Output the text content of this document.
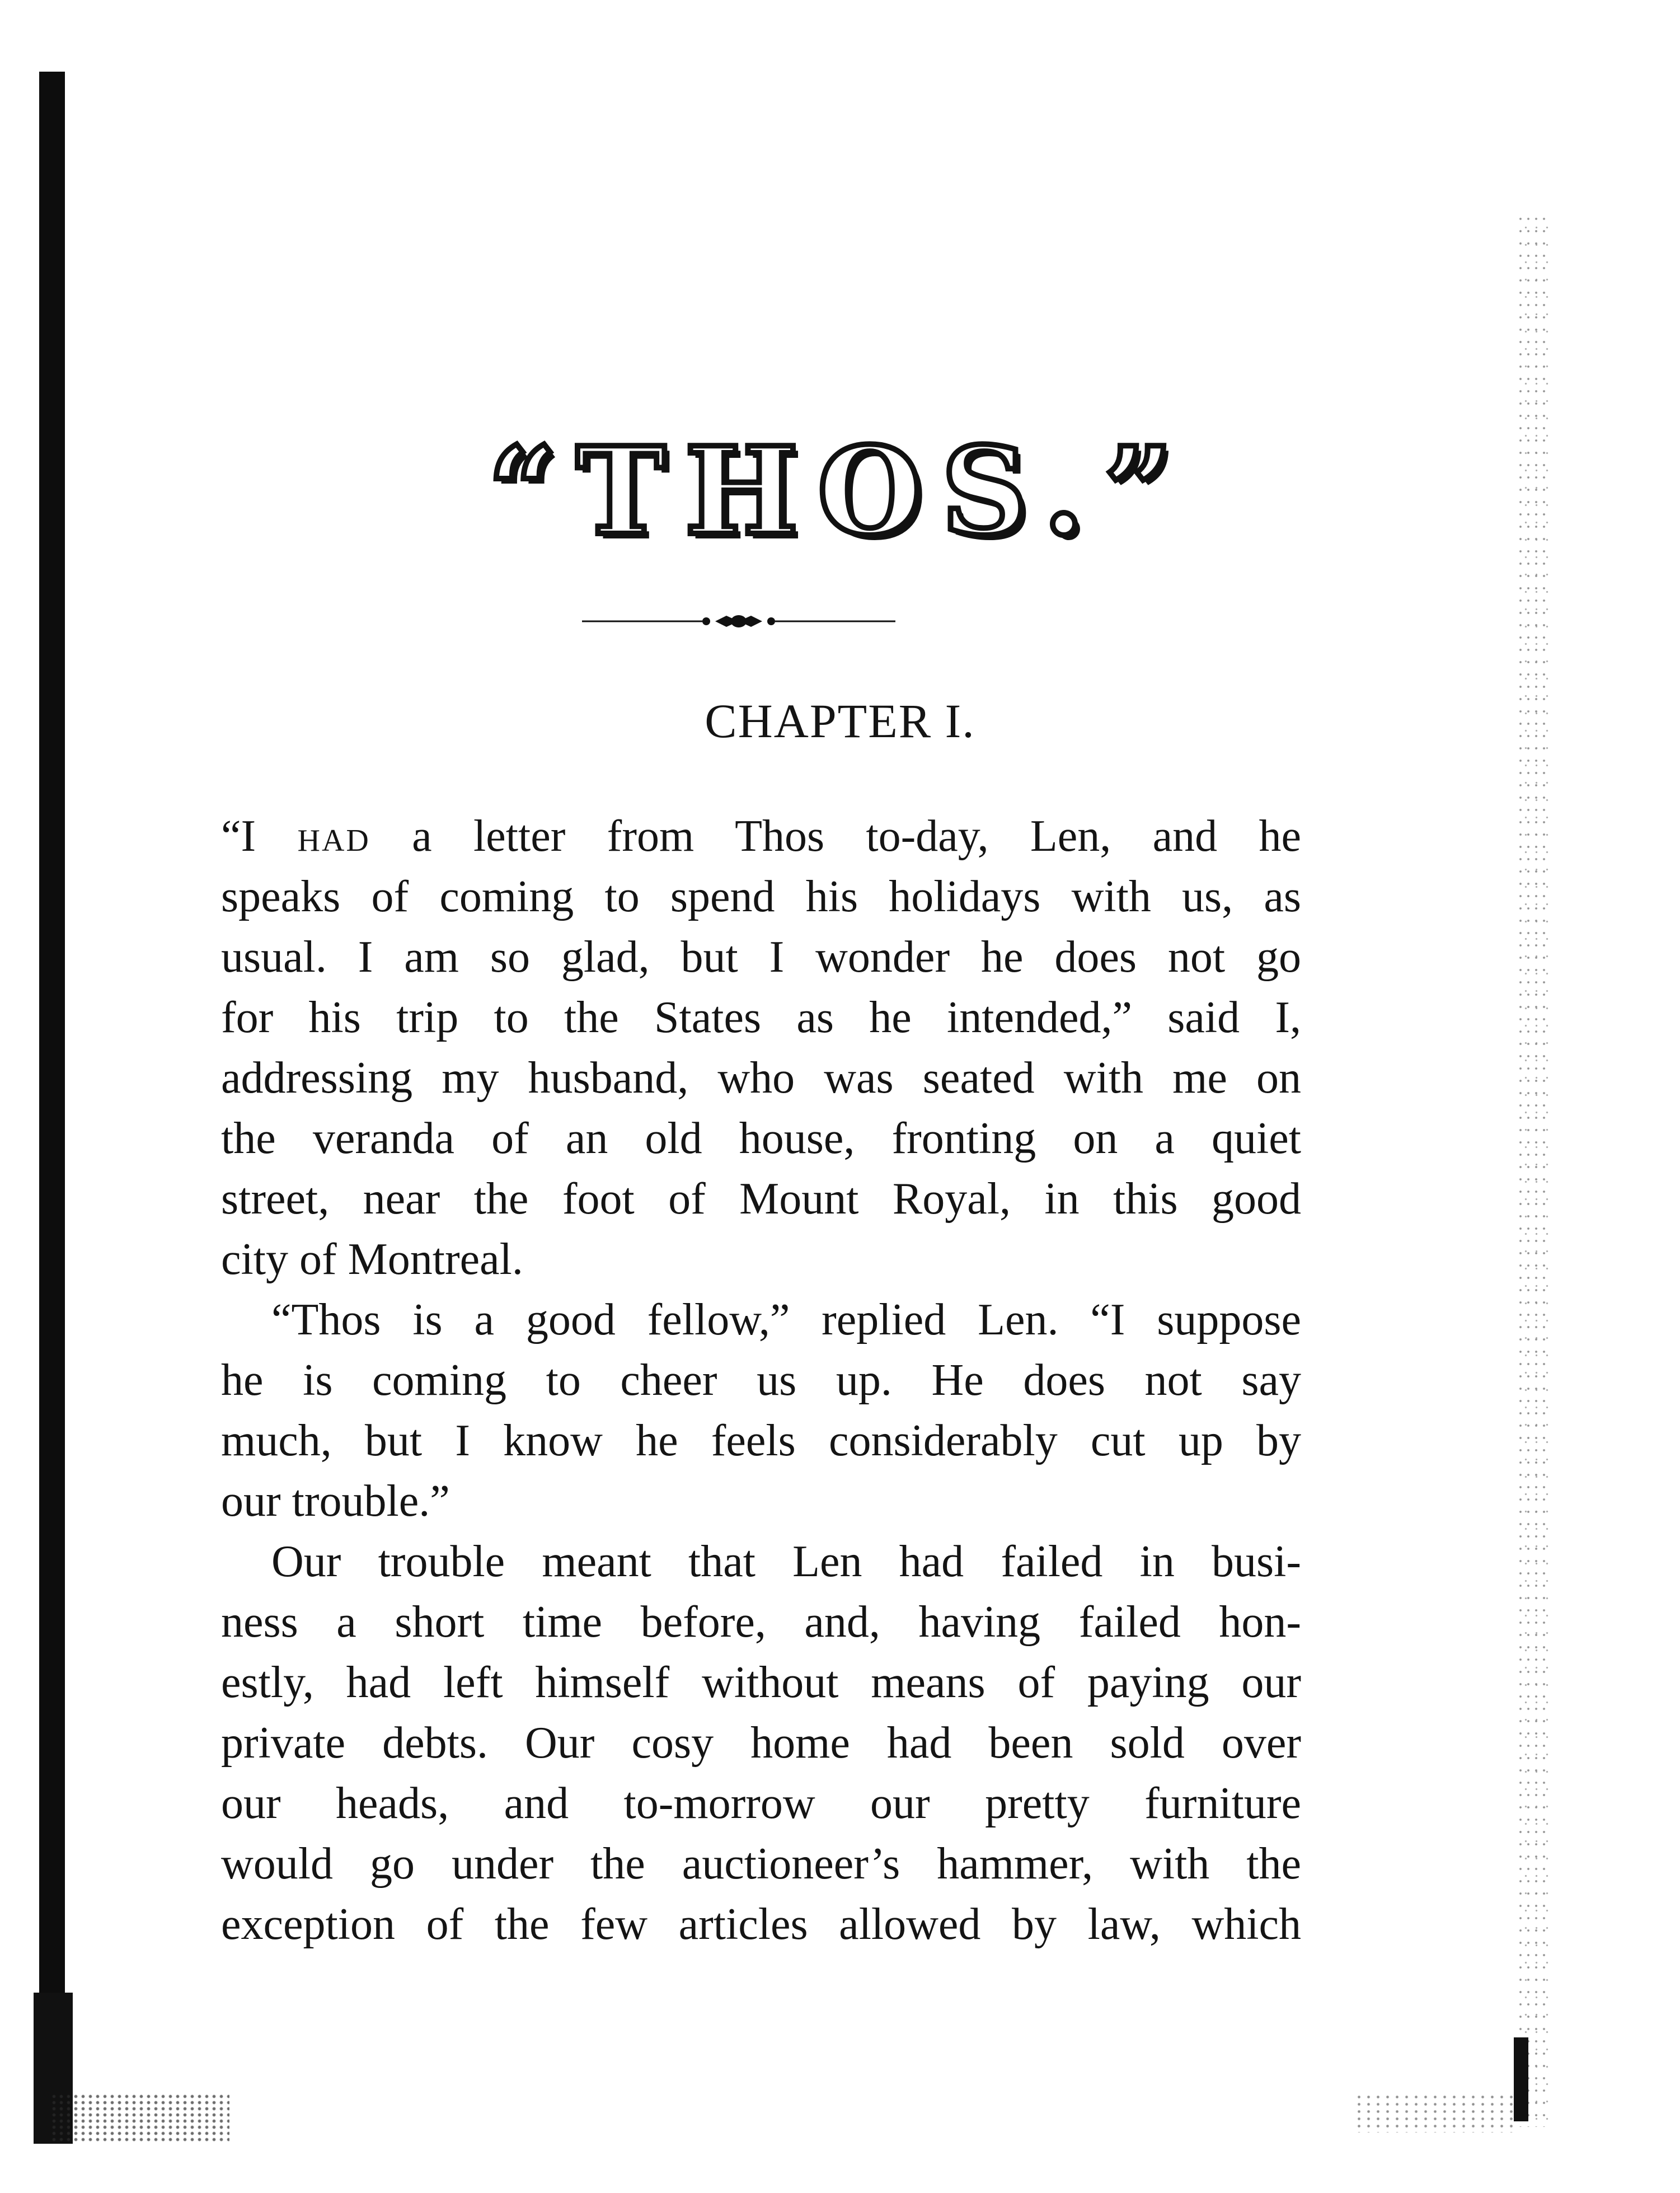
“THOS.”
CHAPTER I.
“I had a letter from Thos to-day, Len, and he
speaks of coming to spend his holidays with us, as
usual. I am so glad, but I wonder he does not go
for his trip to the States as he intended,” said I,
addressing my husband, who was seated with me on
the veranda of an old house, fronting on a quiet
street, near the foot of Mount Royal, in this good
city of Montreal.
“Thos is a good fellow,” replied Len. “I suppose
he is coming to cheer us up. He does not say
much, but I know he feels considerably cut up by
our trouble.”
Our trouble meant that Len had failed in busi-
ness a short time before, and, having failed hon-
estly, had left himself without means of paying our
private debts. Our cosy home had been sold over
our heads, and to-morrow our pretty furniture
would go under the auctioneer’s hammer, with the
exception of the few articles allowed by law, which
